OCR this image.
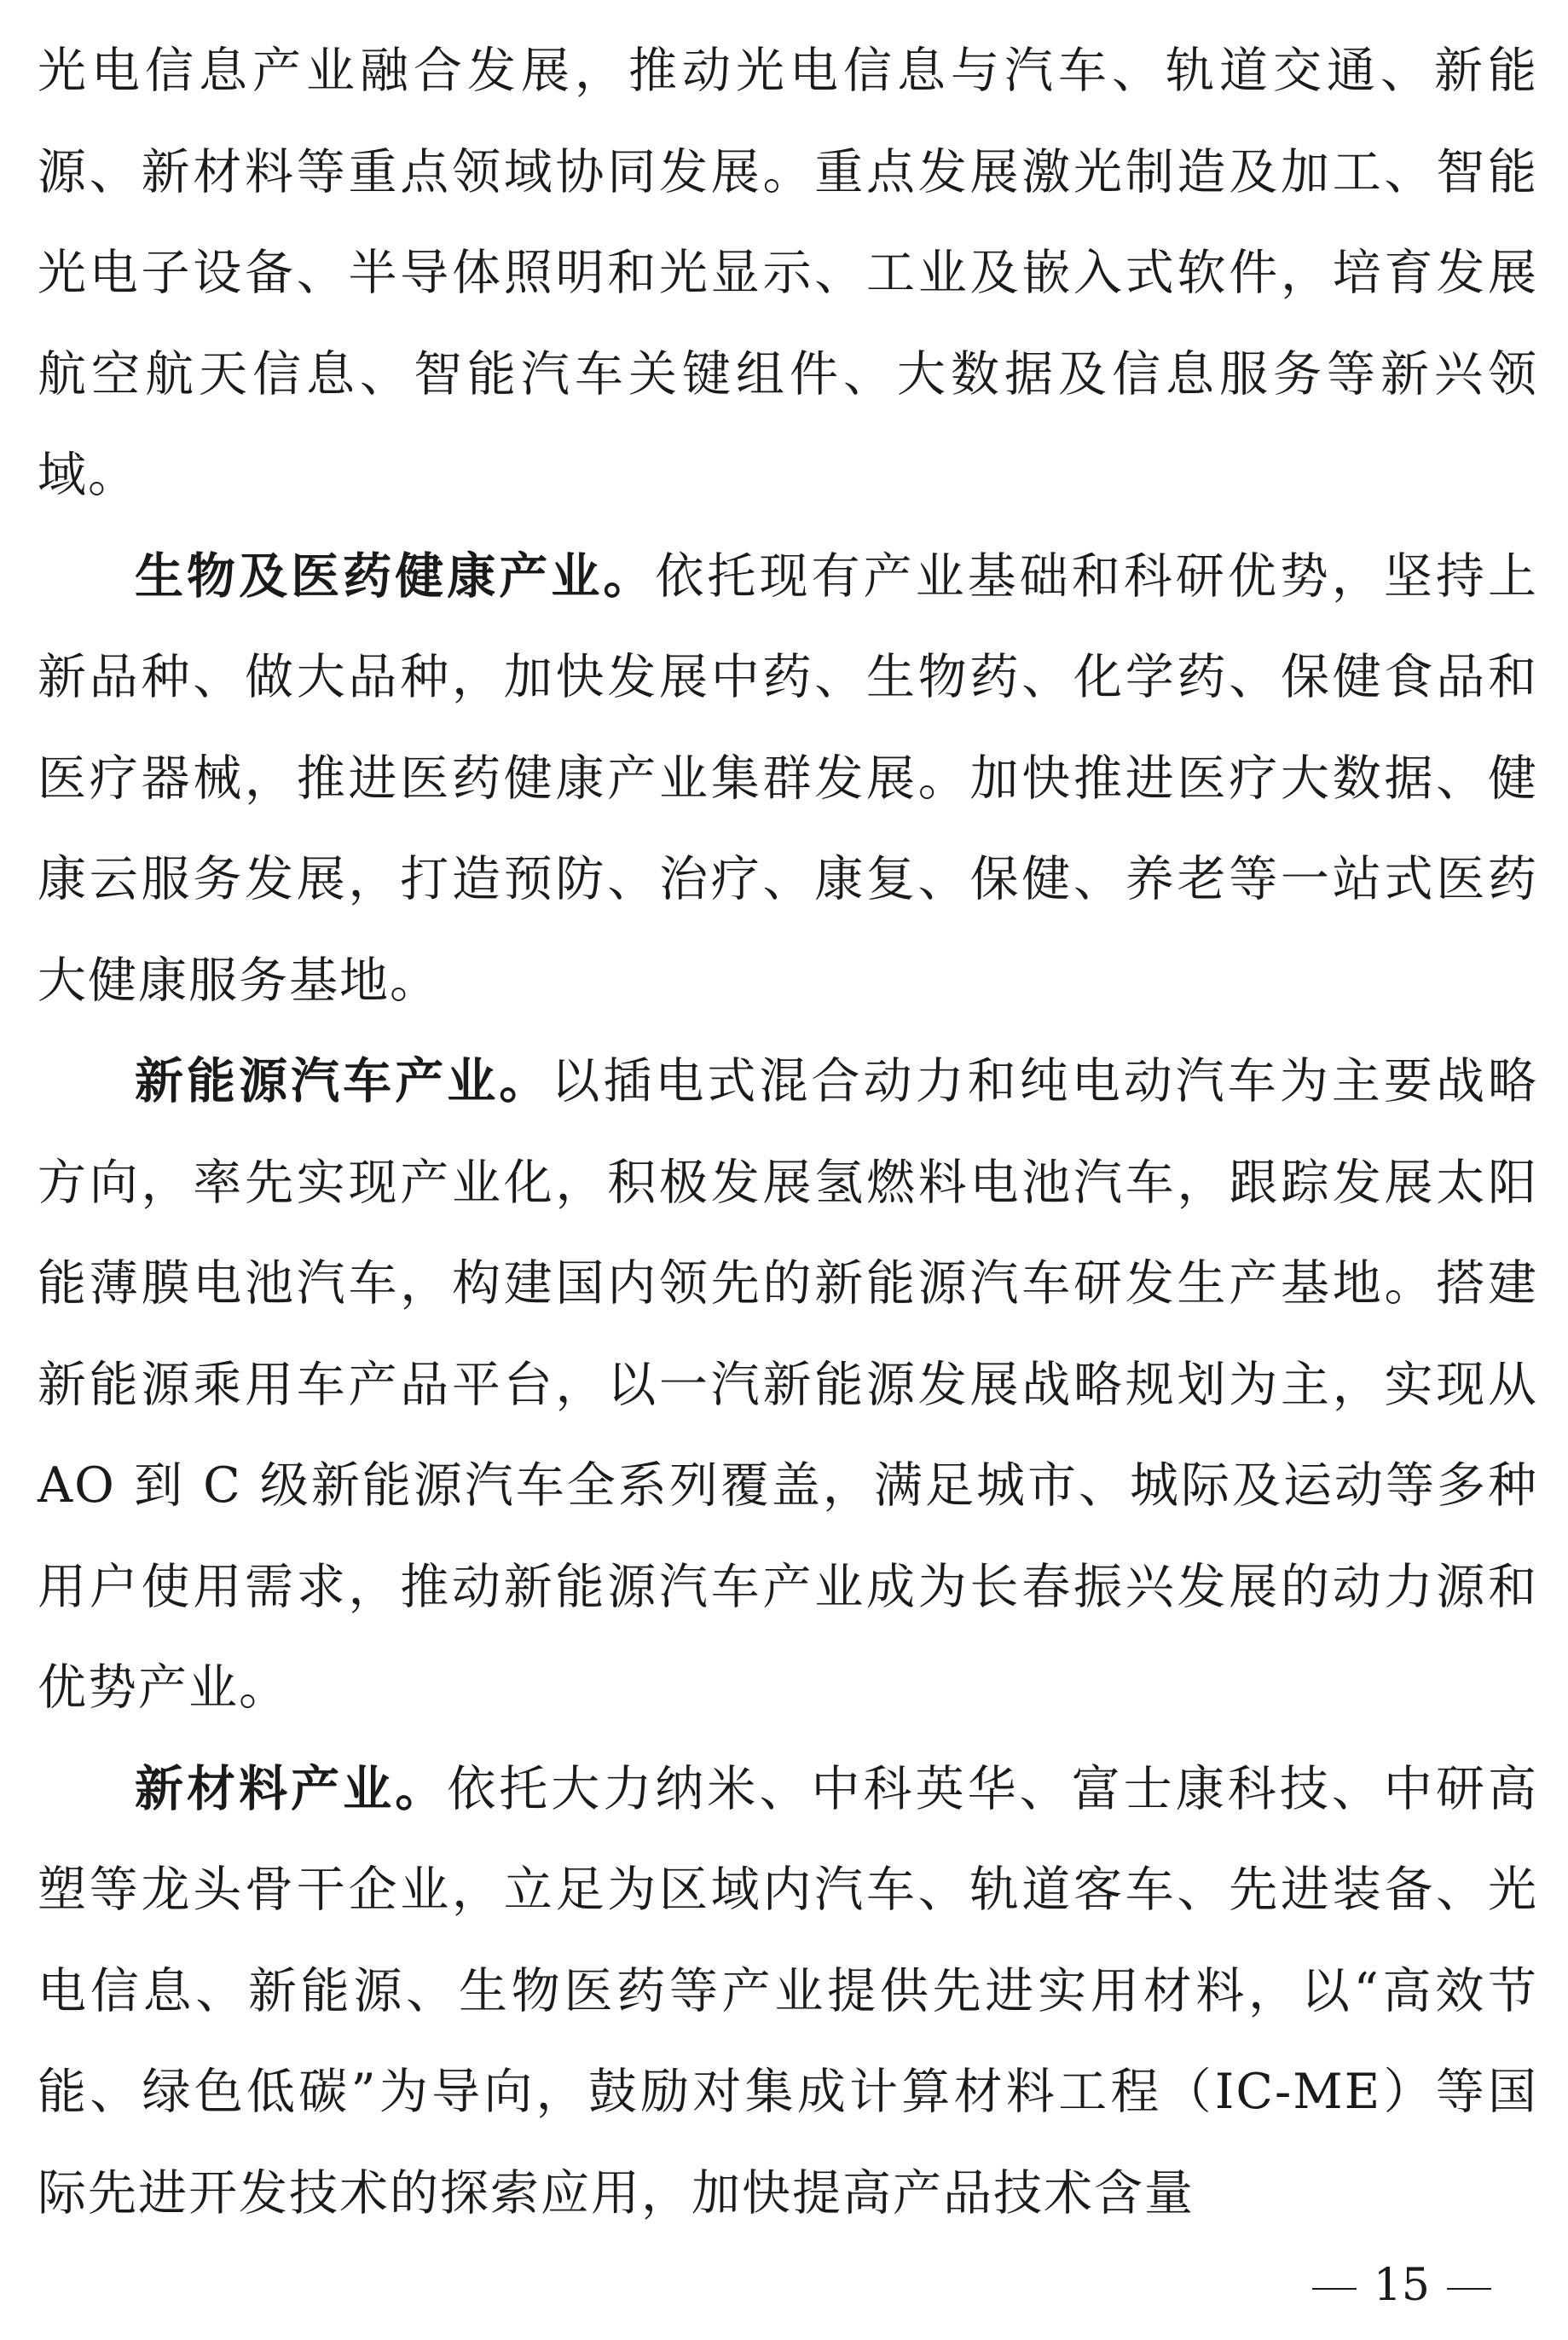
光电信息产业融合发展，推动光电信息与汽车、轨道交通、新能源、新材料等重点领域协同发展。重点发展激光制造及加工、智能光电子设备、半导体照明和光显示、工业及嵌入式软件，培育发展航空航天信息、智能汽车关键组件、大数据及信息服务等新兴领域。

生物及医药健康产业。依托现有产业基础和科研优势，坚持上新品种、做大品种，加快发展中药、生物药、化学药、保健食品和医疗器械，推进医药健康产业集群发展。加快推进医疗大数据、健康云服务发展，打造预防、治疗、康复、保健、养老等一站式医药大健康服务基地。

新能源汽车产业。以插电式混合动力和纯电动汽车为主要战略方向，率先实现产业化，积极发展氢燃料电池汽车，跟踪发展太阳能薄膜电池汽车，构建国内领先的新能源汽车研发生产基地。搭建新能源乘用车产品平台，以一汽新能源发展战略规划为主，实现从 AO 到 C 级新能源汽车全系列覆盖，满足城市、城际及运动等多种用户使用需求，推动新能源汽车产业成为长春振兴发展的动力源和优势产业。

新材料产业。依托大力纳米、中科英华、富士康科技、中研高塑等龙头骨干企业，立足为区域内汽车、轨道客车、先进装备、光电信息、新能源、生物医药等产业提供先进实用材料，以“高效节能、绿色低碳”为导向，鼓励对集成计算材料工程（IC-ME）等国际先进开发技术的探索应用，加快提高产品技术含量

15
